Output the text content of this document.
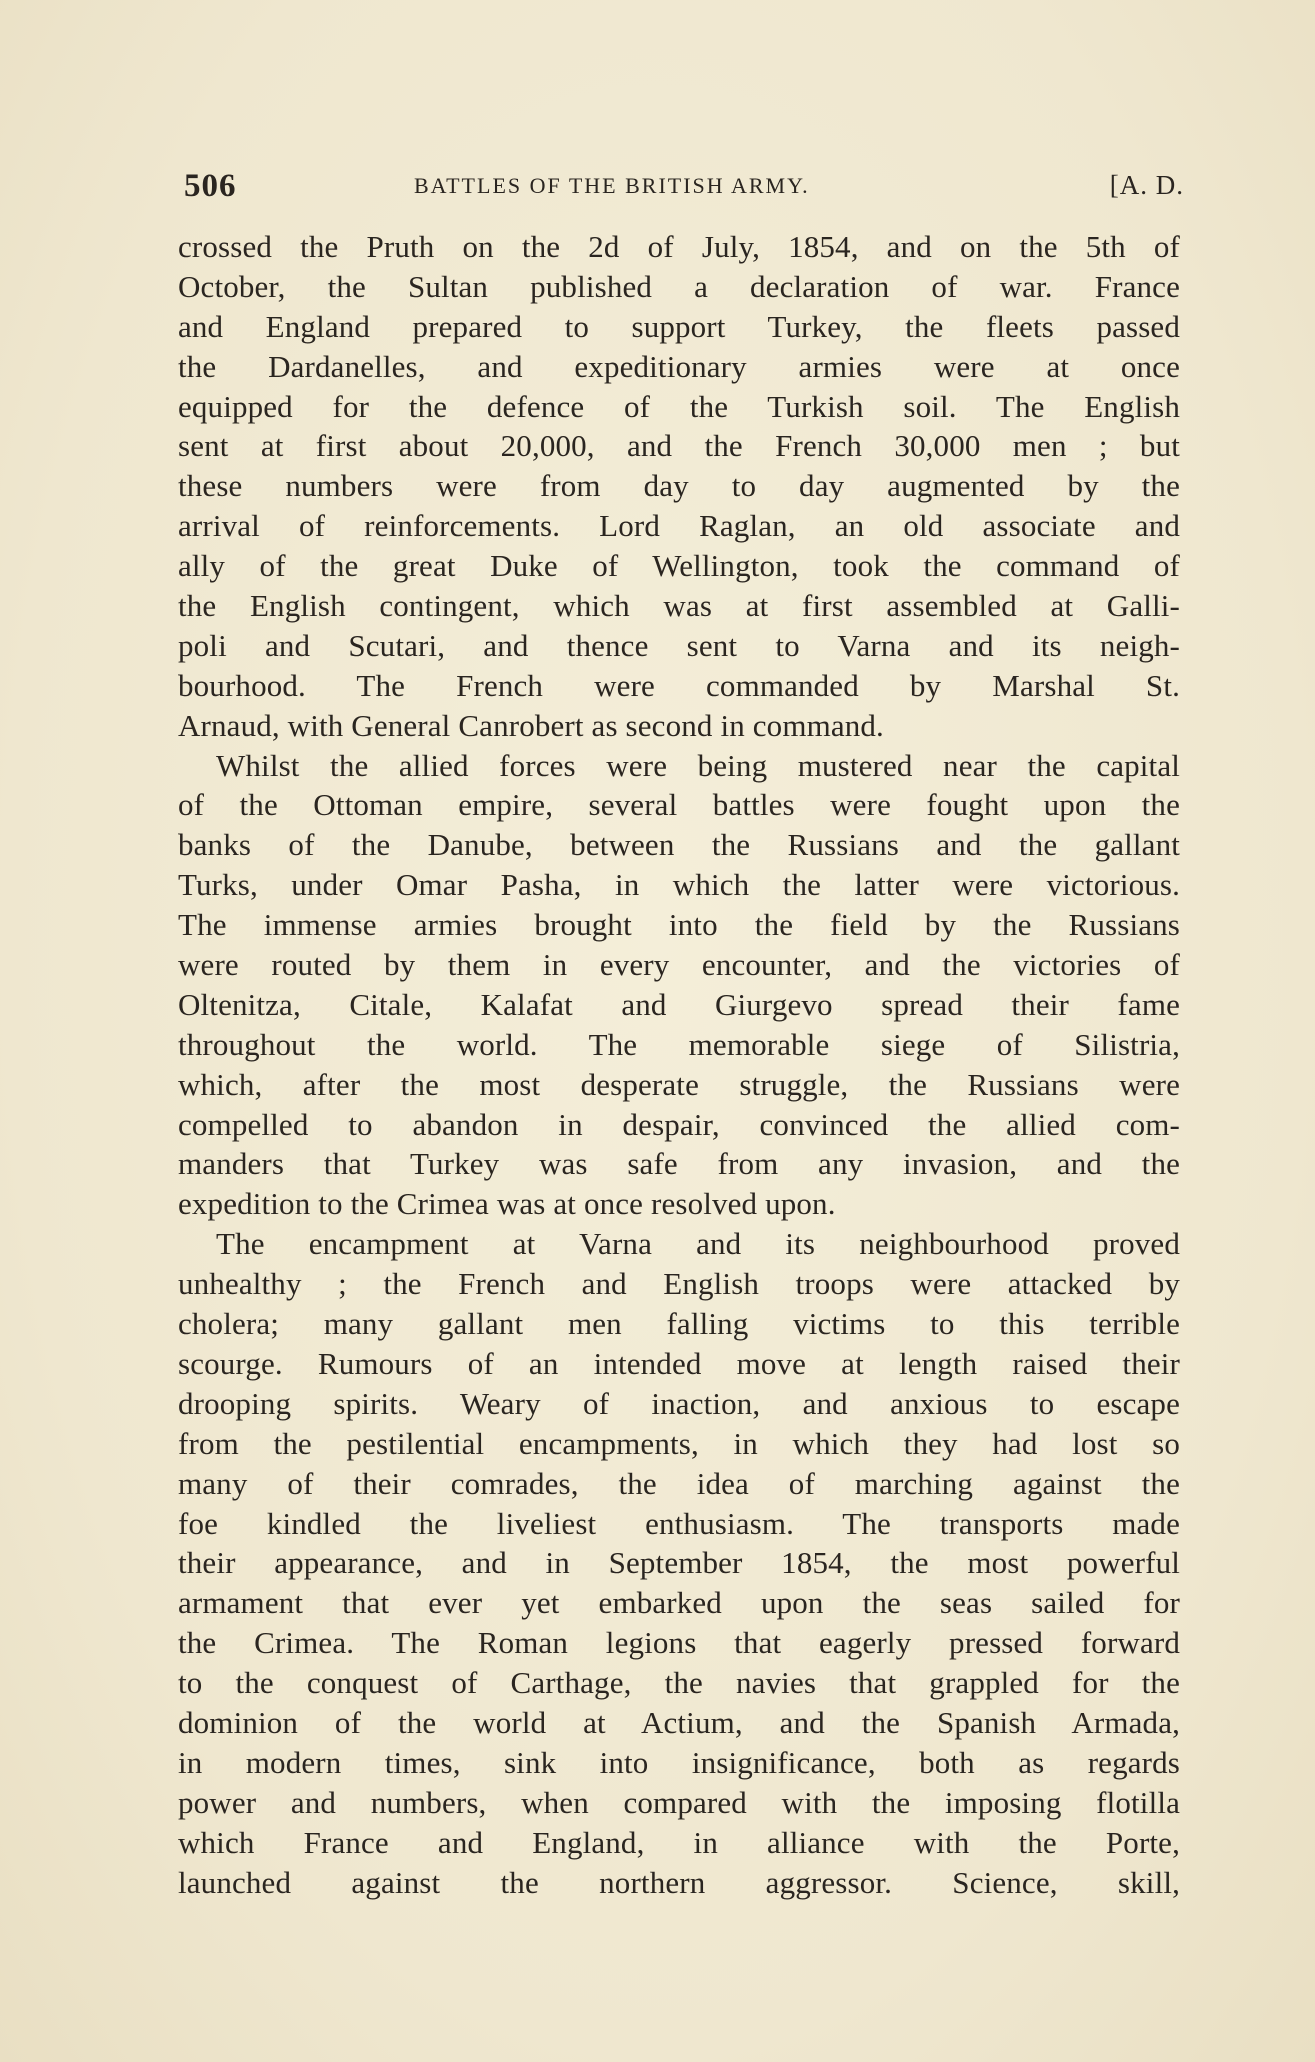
506	BATTLES OF THE BRITISH ARMY.	[A. D.
crossed the Pruth on the 2d of July, 1854, and on the 5th of
October, the Sultan published a declaration of war. France
and England prepared to support Turkey, the fleets passed
the Dardanelles, and expeditionary armies were at once
equipped for the defence of the Turkish soil. The English
sent at first about 20,000, and the French 30,000 men ; but
these numbers were from day to day augmented by the
arrival of reinforcements. Lord Raglan, an old associate and
ally of the great Duke of Wellington, took the command of
the English contingent, which was at first assembled at Galli-
poli and Scutari, and thence sent to Varna and its neigh-
bourhood. The French were commanded by Marshal St.
Arnaud, with General Canrobert as second in command.
Whilst the allied forces were being mustered near the capital
of the Ottoman empire, several battles were fought upon the
banks of the Danube, between the Russians and the gallant
Turks, under Omar Pasha, in which the latter were victorious.
The immense armies brought into the field by the Russians
were routed by them in every encounter, and the victories of
Oltenitza, Citale, Kalafat and Giurgevo spread their fame
throughout the world. The memorable siege of Silistria,
which, after the most desperate struggle, the Russians were
compelled to abandon in despair, convinced the allied com-
manders that Turkey was safe from any invasion, and the
expedition to the Crimea was at once resolved upon.
The encampment at Varna and its neighbourhood proved
unhealthy ; the French and English troops were attacked by
cholera; many gallant men falling victims to this terrible
scourge. Rumours of an intended move at length raised their
drooping spirits. Weary of inaction, and anxious to escape
from the pestilential encampments, in which they had lost so
many of their comrades, the idea of marching against the
foe kindled the liveliest enthusiasm. The transports made
their appearance, and in September 1854, the most powerful
armament that ever yet embarked upon the seas sailed for
the Crimea. The Roman legions that eagerly pressed forward
to the conquest of Carthage, the navies that grappled for the
dominion of the world at Actium, and the Spanish Armada,
in modern times, sink into insignificance, both as regards
power and numbers, when compared with the imposing flotilla
which France and England, in alliance with the Porte,
launched against the northern aggressor. Science, skill,
